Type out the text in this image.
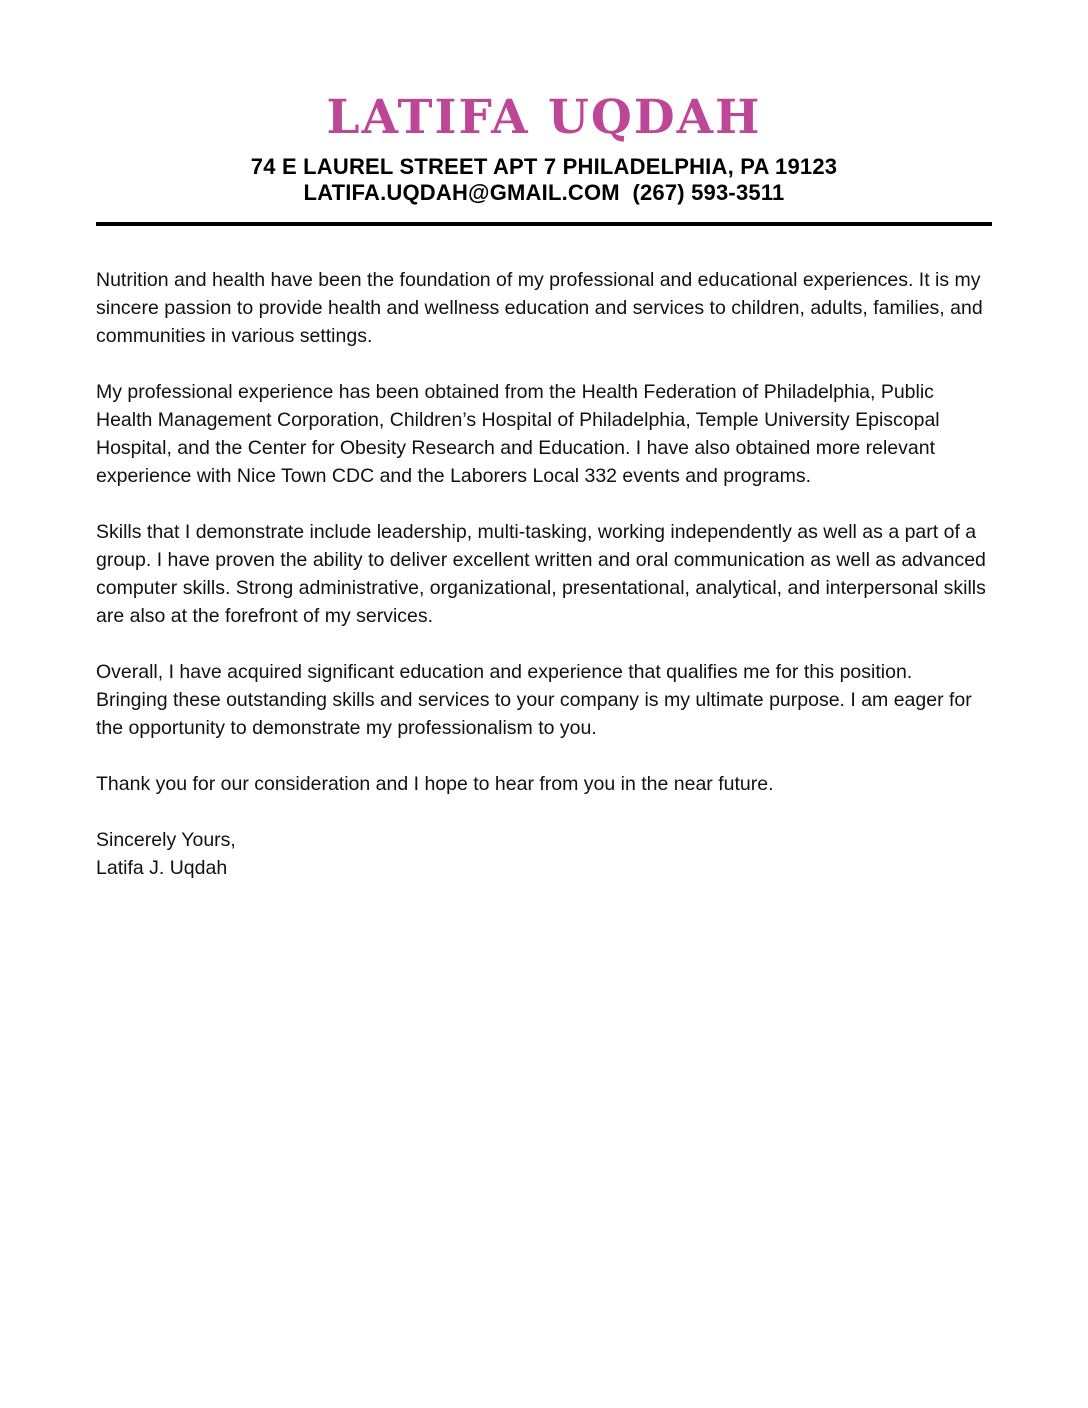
LATIFA UQDAH
74 E LAUREL STREET APT 7 PHILADELPHIA, PA 19123 LATIFA.UQDAH@GMAIL.COM  (267) 593-3511

Nutrition and health have been the foundation of my professional and educational experiences. It is my sincere passion to provide health and wellness education and services to children, adults, families, and communities in various settings.

My professional experience has been obtained from the Health Federation of Philadelphia, Public Health Management Corporation, Children’s Hospital of Philadelphia, Temple University Episcopal Hospital, and the Center for Obesity Research and Education. I have also obtained more relevant experience with Nice Town CDC and the Laborers Local 332 events and programs.

Skills that I demonstrate include leadership, multi-tasking, working independently as well as a part of a group. I have proven the ability to deliver excellent written and oral communication as well as advanced computer skills. Strong administrative, organizational, presentational, analytical, and interpersonal skills are also at the forefront of my services.

Overall, I have acquired significant education and experience that qualifies me for this position. Bringing these outstanding skills and services to your company is my ultimate purpose. I am eager for the opportunity to demonstrate my professionalism to you.

Thank you for our consideration and I hope to hear from you in the near future.

Sincerely Yours,

Latifa J. Uqdah
